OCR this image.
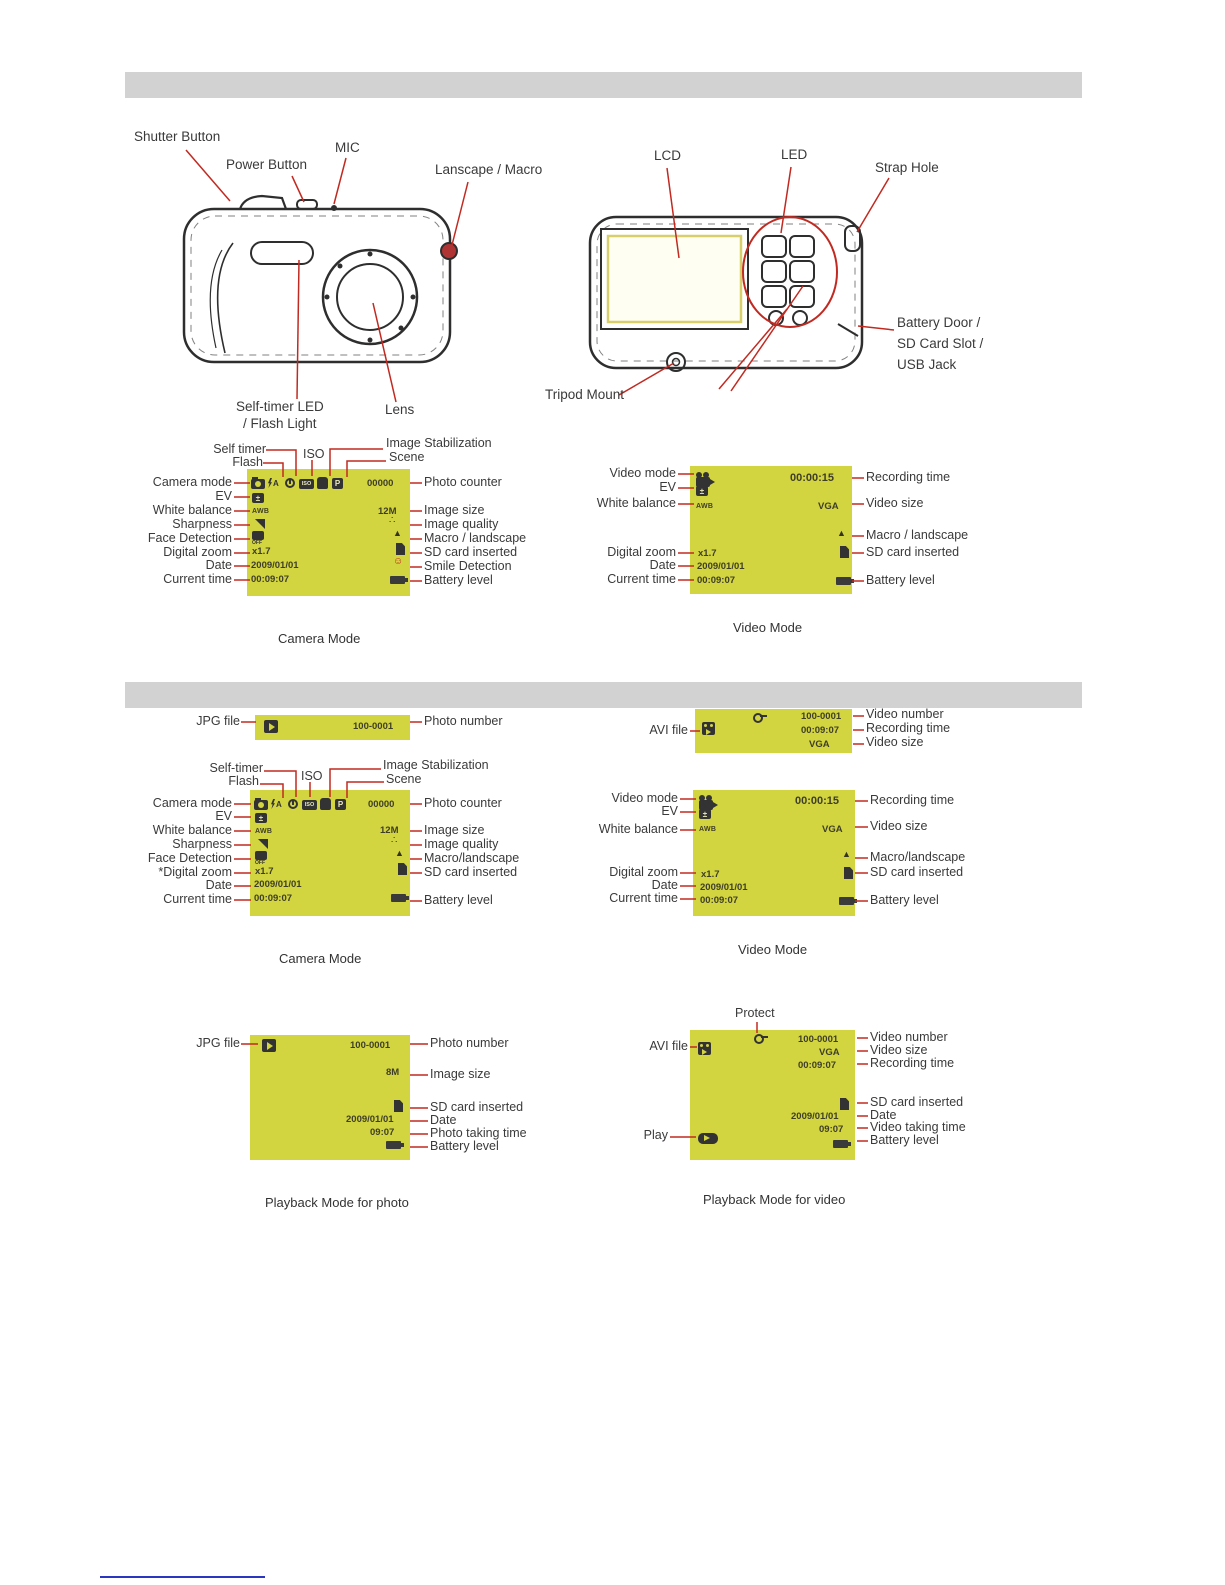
Shutter Button
Power Button
MIC
Lanscape / Macro
Self-timer LED
/ Flash Light
Lens
LCD	LED
Strap Hole
Battery Door /
SD Card Slot /
USB Jack
Tripod Mount
A	ISO	P	00000
±
AWB
OFF
x1.7
2009/01/01
00:09:07
12M
∴
▲
☺
Self timer
Flash
ISO
Image Stabilization
Scene
Camera mode
EV
White balance
Sharpness
Face Detection
Digital zoom
Date
Current time
Photo counter
Image size
Image quality
Macro / landscape
SD card inserted
Smile Detection
Battery level
Camera Mode
00:00:15
±
AWB	VGA
▲
x1.7
2009/01/01
00:09:07
Video mode
EV
White balance
Digital zoom
Date
Current time
Recording time
Video size
Macro / landscape
SD card inserted
Battery level
Video Mode
100-0001
JPG file	Photo number	100-0001
00:09:07
VGA
AVI file
Video number
Recording time
Video size
A	ISO	P	00000
±
AWB
OFF
x1.7
2009/01/01
00:09:07
12M
∴
▲
Self-timer
Flash	ISO
Image Stabilization
Scene
Camera mode
EV
White balance
Sharpness
Face Detection
*Digital zoom
Date
Current time
Photo counter
Image size
Image quality
Macro/landscape
SD card inserted
Battery level
Camera Mode
00:00:15
±
AWB	VGA
▲
x1.7
2009/01/01
00:09:07
Video mode
EV
White balance
Digital zoom
Date
Current time
Recording time
Video size
Macro/landscape
SD card inserted
Battery level
Video Mode
100-0001
8M
2009/01/01
09:07
JPG file	Photo number
Image size
SD card inserted
Date
Photo taking time
Battery level
Playback Mode for photo
100-0001
VGA
00:09:07
2009/01/01
09:07
Protect
AVI file
Play
Video number
Video size
Recording time
SD card inserted
Date
Video taking time
Battery level
Playback Mode for video
